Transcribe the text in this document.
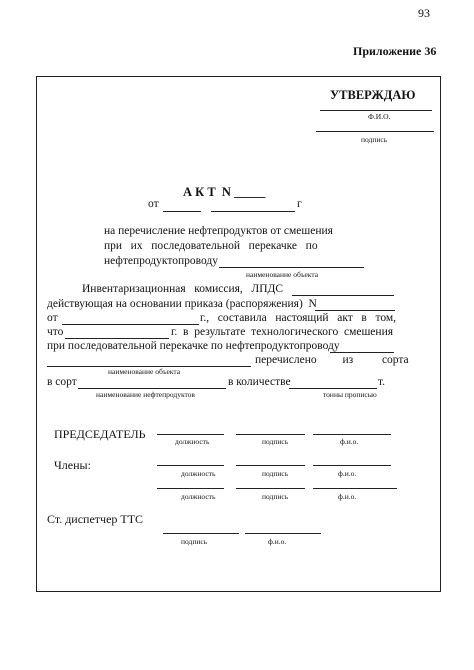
93
Приложение 36
УТВЕРЖДАЮ
Ф.И.О.
подпись
А К Т  N _____
от	г
на перечисление нефтепродуктов от смешения
при   их   последовательной   перекачке   по
нефтепродуктопроводу
наименование объекта
Инвентаризационная   комиссия,   ЛПДС
действующая на основании приказа (распоряжения)  N
от	г.,   составила   настоящий   акт   в   том,
что	г.  в  результате  технологического  смешения
при последовательной перекачке по нефтепродуктопроводу
перечислено         из          сорта
наименование объекта
в сорт	в количестве	т.
наименование нефтепродуктов	тонны прописью
ПРЕДСЕДАТЕЛЬ
должность	подпись	ф.и.о.
Члены:
должность	подпись	ф.и.о.
должность	подпись	ф.и.о.
Ст. диспетчер ТТС
подпись	ф.и.о.
